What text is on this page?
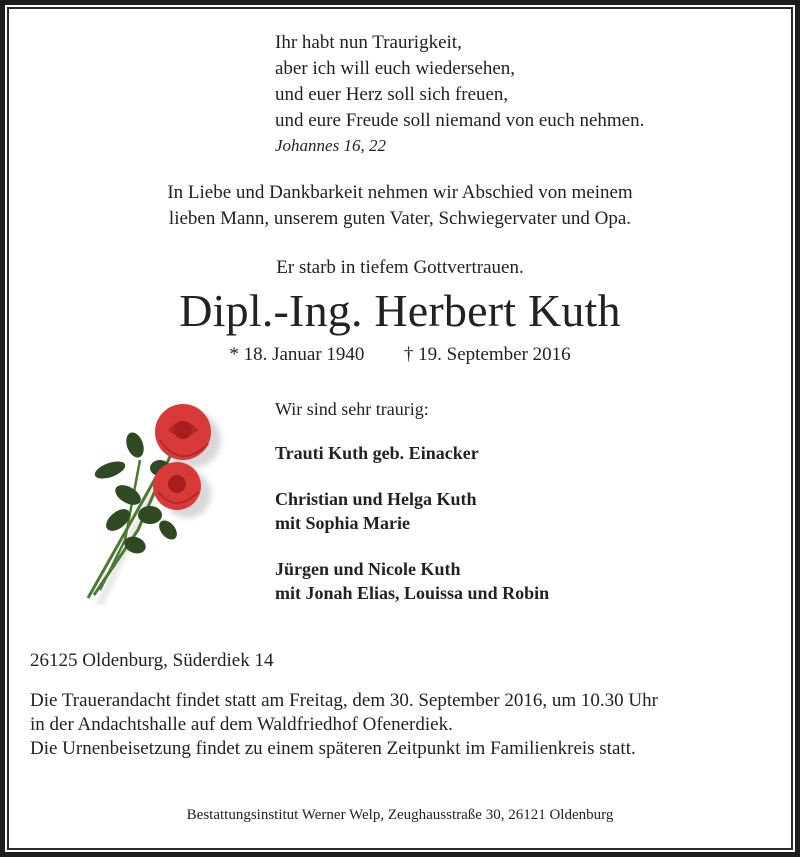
Ihr habt nun Traurigkeit,
aber ich will euch wiedersehen,
und euer Herz soll sich freuen,
und eure Freude soll niemand von euch nehmen.
Johannes 16, 22
In Liebe und Dankbarkeit nehmen wir Abschied von meinem
lieben Mann, unserem guten Vater, Schwiegervater und Opa.
Er starb in tiefem Gottvertrauen.
Dipl.-Ing. Herbert Kuth
* 18. Januar 1940 † 19. September 2016
Wir sind sehr traurig:
Trauti Kuth geb. Einacker
Christian und Helga Kuth
mit Sophia Marie
Jürgen und Nicole Kuth
mit Jonah Elias, Louissa und Robin
26125 Oldenburg, Süderdiek 14
Die Trauerandacht findet statt am Freitag, dem 30. September 2016, um 10.30 Uhr
in der Andachtshalle auf dem Waldfriedhof Ofenerdiek.
Die Urnenbeisetzung findet zu einem späteren Zeitpunkt im Familienkreis statt.
Bestattungsinstitut Werner Welp, Zeughausstraße 30, 26121 Oldenburg
